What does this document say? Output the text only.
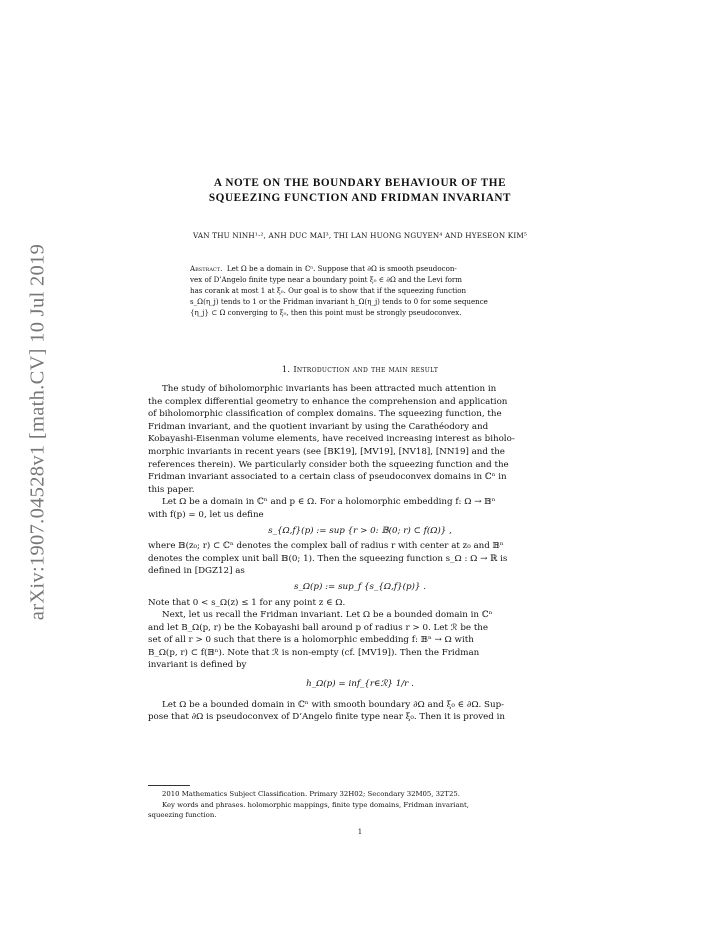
arXiv:1907.04528v1 [math.CV] 10 Jul 2019
A NOTE ON THE BOUNDARY BEHAVIOUR OF THE
SQUEEZING FUNCTION AND FRIDMAN INVARIANT
VAN THU NINH¹·², ANH DUC MAI³, THI LAN HUONG NGUYEN⁴ AND HYESEON KIM⁵
Abstract. Let Ω be a domain in ℂⁿ. Suppose that ∂Ω is smooth pseudocon-
vex of D’Angelo finite type near a boundary point ξ₀ ∈ ∂Ω and the Levi form
has corank at most 1 at ξ₀. Our goal is to show that if the squeezing function
s_Ω(η_j) tends to 1 or the Fridman invariant h_Ω(η_j) tends to 0 for some sequence
{η_j} ⊂ Ω converging to ξ₀, then this point must be strongly pseudoconvex.
1. Introduction and the main result
The study of biholomorphic invariants has been attracted much attention in
the complex differential geometry to enhance the comprehension and application
of biholomorphic classification of complex domains. The squeezing function, the
Fridman invariant, and the quotient invariant by using the Carathéodory and
Kobayashi-Eisenman volume elements, have received increasing interest as biholo-
morphic invariants in recent years (see [BK19], [MV19], [NV18], [NN19] and the
references therein). We particularly consider both the squeezing function and the
Fridman invariant associated to a certain class of pseudoconvex domains in ℂⁿ in
this paper.
Let Ω be a domain in ℂⁿ and p ∈ Ω. For a holomorphic embedding f: Ω → 𝔹ⁿ
with f(p) = 0, let us define
s_{Ω,f}(p) := sup {r > 0: 𝔹(0; r) ⊂ f(Ω)} ,
where 𝔹(z₀; r) ⊂ ℂⁿ denotes the complex ball of radius r with center at z₀ and 𝔹ⁿ
denotes the complex unit ball 𝔹(0; 1). Then the squeezing function s_Ω : Ω → ℝ is
defined in [DGZ12] as
s_Ω(p) := sup_f {s_{Ω,f}(p)} .
Note that 0 < s_Ω(z) ≤ 1 for any point z ∈ Ω.
Next, let us recall the Fridman invariant. Let Ω be a bounded domain in ℂⁿ
and let B_Ω(p, r) be the Kobayashi ball around p of radius r > 0. Let ℛ be the
set of all r > 0 such that there is a holomorphic embedding f: 𝔹ⁿ → Ω with
B_Ω(p, r) ⊂ f(𝔹ⁿ). Note that ℛ is non-empty (cf. [MV19]). Then the Fridman
invariant is defined by
h_Ω(p) = inf_{r∈ℛ} 1/r .
Let Ω be a bounded domain in ℂⁿ with smooth boundary ∂Ω and ξ₀ ∈ ∂Ω. Sup-
pose that ∂Ω is pseudoconvex of D’Angelo finite type near ξ₀. Then it is proved in
2010 Mathematics Subject Classification. Primary 32H02; Secondary 32M05, 32T25.
Key words and phrases. holomorphic mappings, finite type domains, Fridman invariant,
squeezing function.
1
